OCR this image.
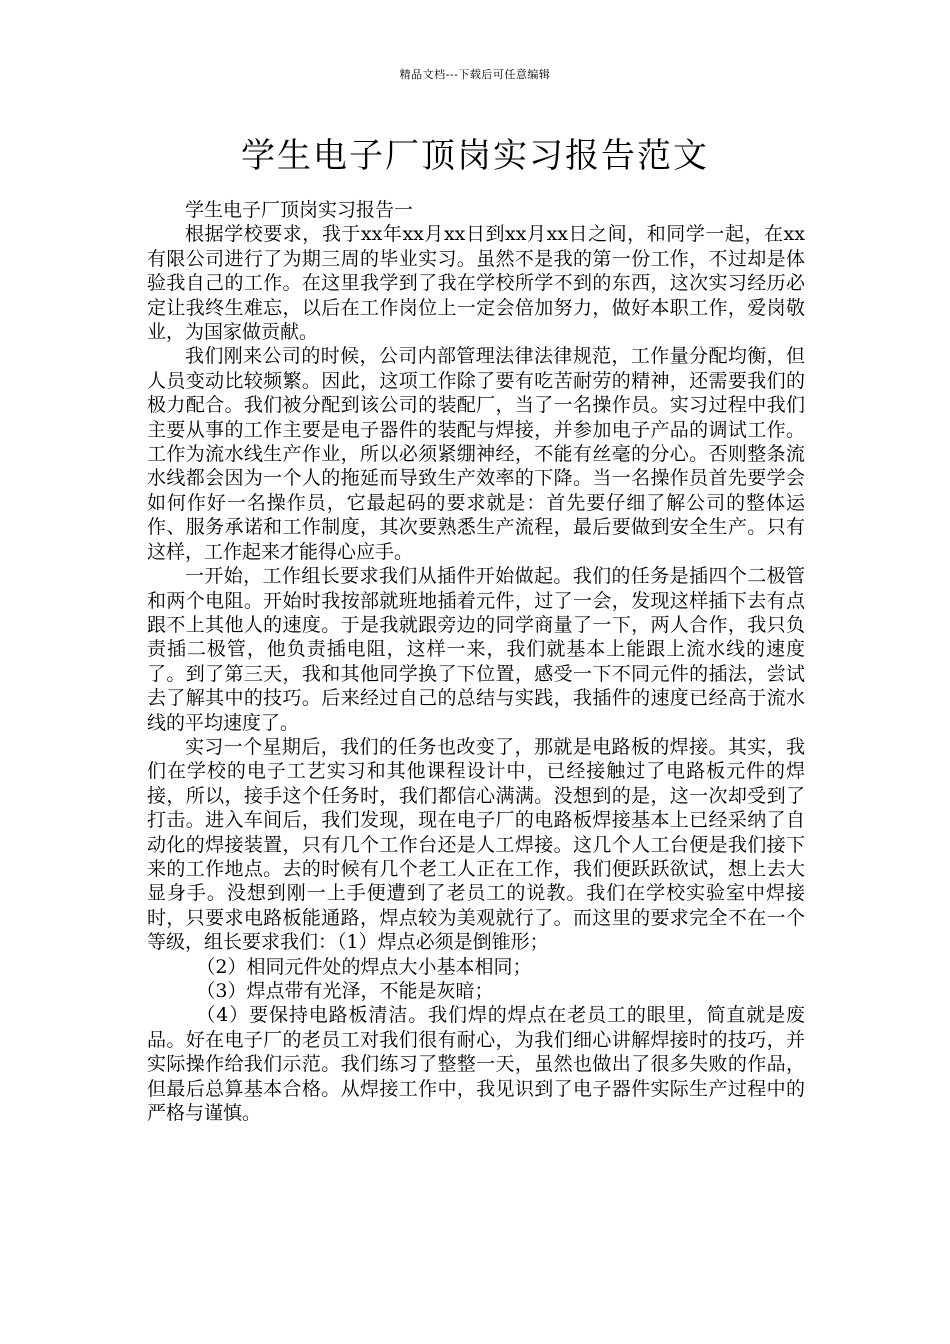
精品文档---下载后可任意编辑
学生电子厂顶岗实习报告范文

学生电子厂顶岗实习报告一

根据学校要求，我于xx年xx月xx日到xx月xx日之间，和同学一起，在xx有限公司进行了为期三周的毕业实习。虽然不是我的第一份工作，不过却是体验我自己的工作。在这里我学到了我在学校所学不到的东西，这次实习经历必定让我终生难忘，以后在工作岗位上一定会倍加努力，做好本职工作，爱岗敬业，为国家做贡献。

我们刚来公司的时候，公司内部管理法律法律规范，工作量分配均衡，但人员变动比较频繁。因此，这项工作除了要有吃苦耐劳的精神，还需要我们的极力配合。我们被分配到该公司的装配厂，当了一名操作员。实习过程中我们主要从事的工作主要是电子器件的装配与焊接，并参加电子产品的调试工作。工作为流水线生产作业，所以必须紧绷神经，不能有丝毫的分心。否则整条流水线都会因为一个人的拖延而导致生产效率的下降。当一名操作员首先要学会如何作好一名操作员，它最起码的要求就是：首先要仔细了解公司的整体运作、服务承诺和工作制度，其次要熟悉生产流程，最后要做到安全生产。只有这样，工作起来才能得心应手。

一开始，工作组长要求我们从插件开始做起。我们的任务是插四个二极管和两个电阻。开始时我按部就班地插着元件，过了一会，发现这样插下去有点跟不上其他人的速度。于是我就跟旁边的同学商量了一下，两人合作，我只负责插二极管，他负责插电阻，这样一来，我们就基本上能跟上流水线的速度了。到了第三天，我和其他同学换了下位置，感受一下不同元件的插法，尝试去了解其中的技巧。后来经过自己的总结与实践，我插件的速度已经高于流水线的平均速度了。

实习一个星期后，我们的任务也改变了，那就是电路板的焊接。其实，我们在学校的电子工艺实习和其他课程设计中，已经接触过了电路板元件的焊接，所以，接手这个任务时，我们都信心满满。没想到的是，这一次却受到了打击。进入车间后，我们发现，现在电子厂的电路板焊接基本上已经采纳了自动化的焊接装置，只有几个工作台还是人工焊接。这几个人工台便是我们接下来的工作地点。去的时候有几个老工人正在工作，我们便跃跃欲试，想上去大显身手。没想到刚一上手便遭到了老员工的说教。我们在学校实验室中焊接时，只要求电路板能通路，焊点较为美观就行了。而这里的要求完全不在一个等级，组长要求我们：（1）焊点必须是倒锥形；

（2）相同元件处的焊点大小基本相同；

（3）焊点带有光泽，不能是灰暗；

（4）要保持电路板清洁。我们焊的焊点在老员工的眼里，简直就是废品。好在电子厂的老员工对我们很有耐心，为我们细心讲解焊接时的技巧，并实际操作给我们示范。我们练习了整整一天，虽然也做出了很多失败的作品，但最后总算基本合格。从焊接工作中，我见识到了电子器件实际生产过程中的严格与谨慎。
